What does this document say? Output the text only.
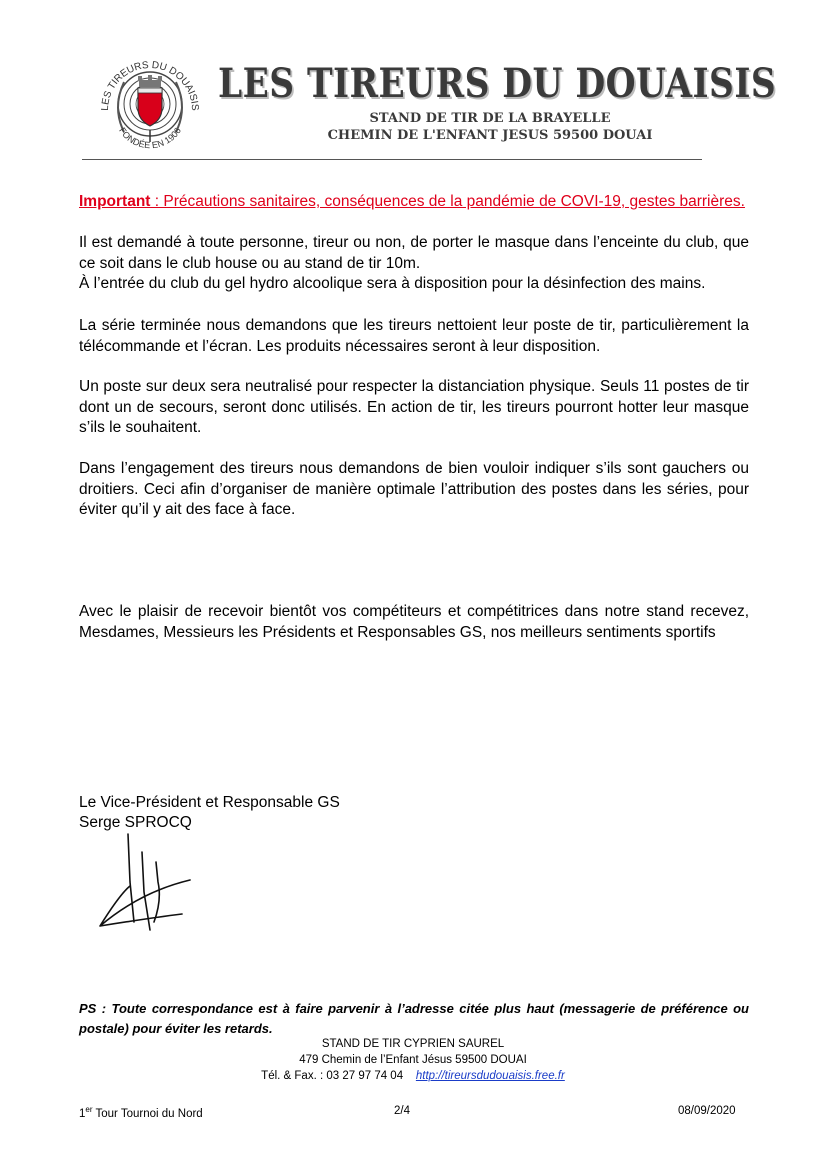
LES TIREURS DU DOUAISIS
FONDÉE EN 1906
LES TIREURS DU DOUAISIS
STAND DE TIR DE LA BRAYELLE
CHEMIN DE L'ENFANT JESUS 59500 DOUAI
Important : Précautions sanitaires, conséquences de la pandémie de COVI-19, gestes barrières.
Il est demandé à toute personne, tireur ou non, de porter le masque dans l’enceinte du club, que ce soit dans le club house ou au stand de tir 10m.
À l’entrée du club du gel hydro alcoolique sera à disposition pour la désinfection des mains.
La série terminée nous demandons que les tireurs nettoient leur poste de tir, particulièrement la télécommande et l’écran. Les produits nécessaires seront à leur disposition.
Un poste sur deux sera neutralisé pour respecter la distanciation physique. Seuls 11 postes de tir dont un de secours, seront donc utilisés. En action de tir, les tireurs pourront hotter leur masque s’ils le souhaitent.
Dans l’engagement des tireurs nous demandons de bien vouloir indiquer s’ils sont gauchers ou droitiers. Ceci afin d’organiser de manière optimale l’attribution des postes dans les séries, pour éviter qu’il y ait des face à face.
Avec le plaisir de recevoir bientôt vos compétiteurs et compétitrices dans notre stand recevez, Mesdames, Messieurs les Présidents et Responsables GS, nos meilleurs sentiments sportifs
Le Vice-Président et Responsable GS
Serge SPROCQ
PS : Toute correspondance est à faire parvenir à l’adresse citée plus haut (messagerie de préférence ou postale) pour éviter les retards.
STAND DE TIR CYPRIEN SAUREL
479 Chemin de l’Enfant Jésus 59500 DOUAI
Tél. & Fax. : 03 27 97 74 04 http://tireursdudouaisis.free.fr
1er Tour Tournoi du Nord	2/4	08/09/2020
